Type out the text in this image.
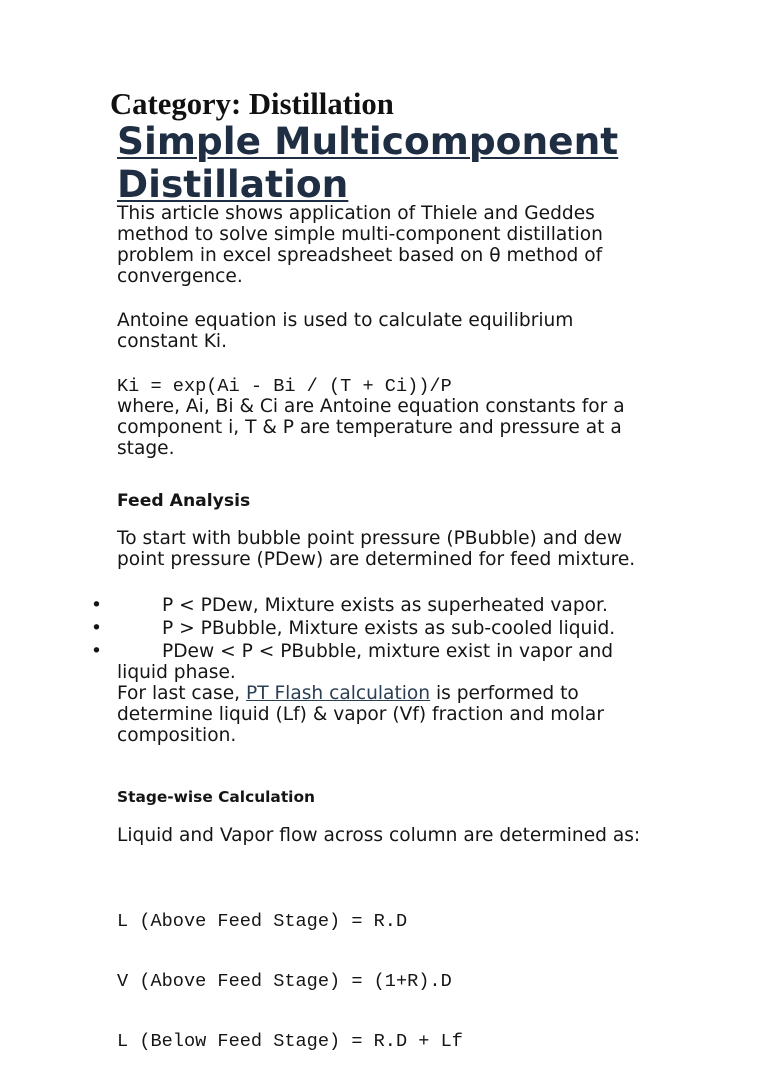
Category: Distillation
Simple Multicomponent Distillation

This article shows application of Thiele and Geddes method to solve simple multi-component distillation problem in excel spreadsheet based on θ method of convergence.

Antoine equation is used to calculate equilibrium constant Ki.

Ki = exp(Ai - Bi / (T + Ci))/P

where, Ai, Bi & Ci are Antoine equation constants for a component i, T & P are temperature and pressure at a stage.

Feed Analysis

To start with bubble point pressure (PBubble) and dew point pressure (PDew) are determined for feed mixture.

•	P < PDew, Mixture exists as superheated vapor.
•	P > PBubble, Mixture exists as sub-cooled liquid.
•	PDew < P < PBubble, mixture exist in vapor and liquid phase.

For last case, PT Flash calculation is performed to determine liquid (Lf) & vapor (Vf) fraction and molar composition.

Stage-wise Calculation

Liquid and Vapor flow across column are determined as:

L (Above Feed Stage) = R.D

V (Above Feed Stage) = (1+R).D

L (Below Feed Stage) = R.D + Lf
